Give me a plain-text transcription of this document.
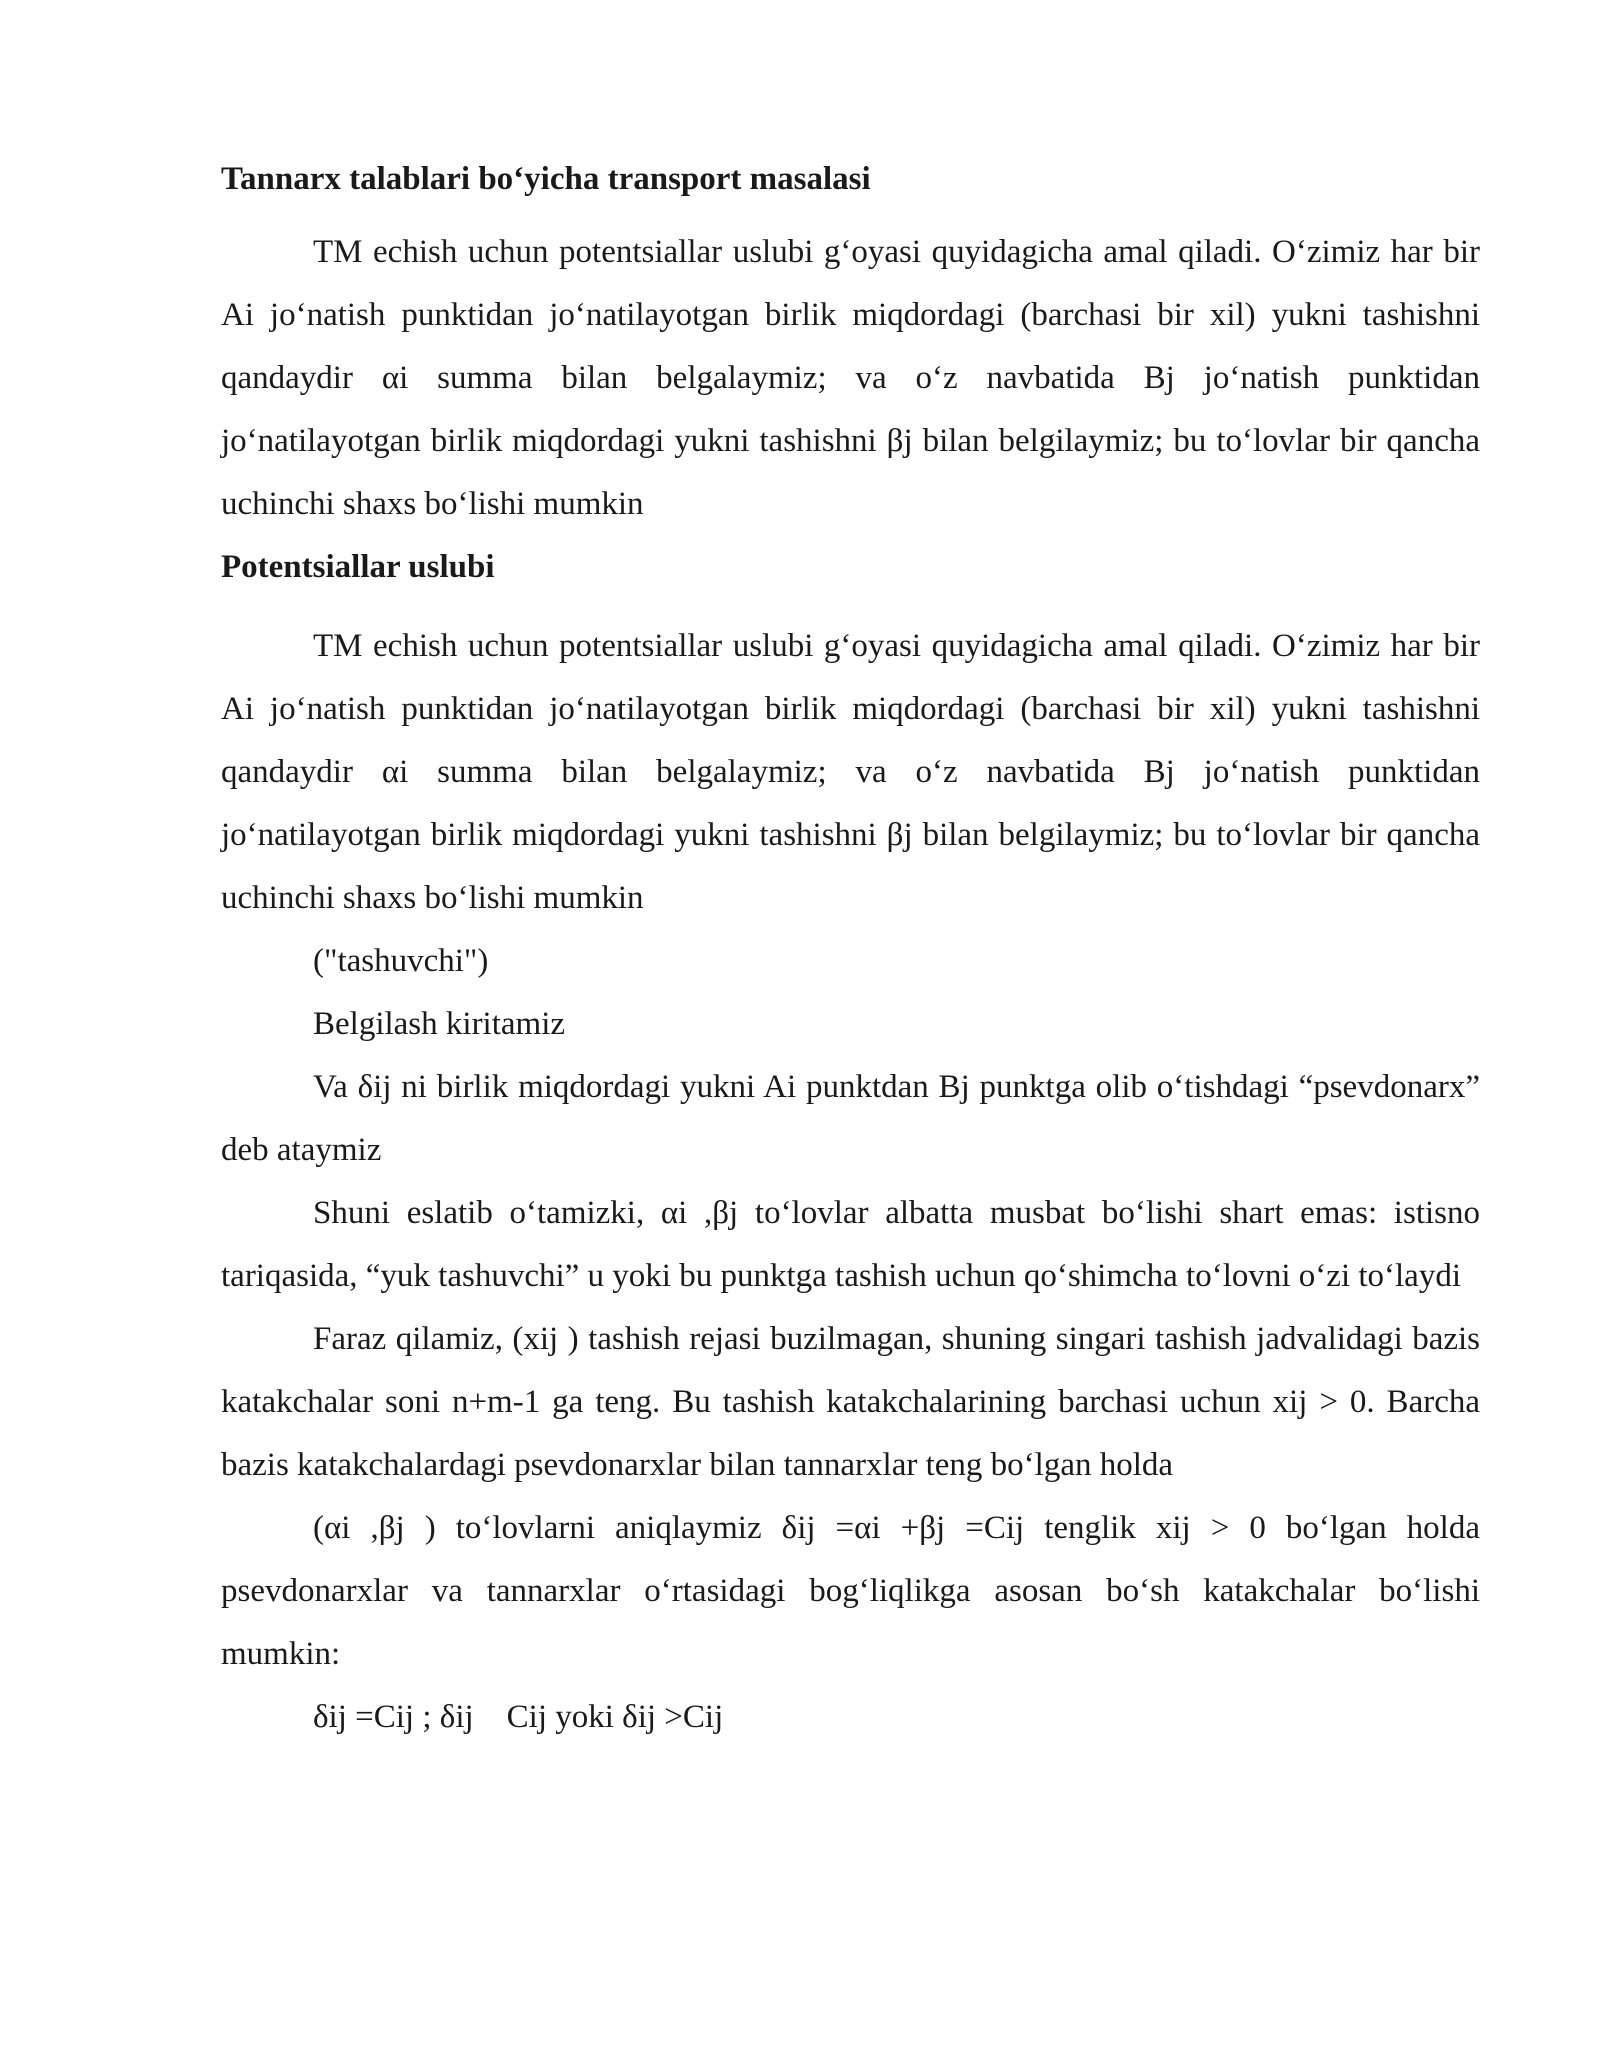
Tannarx talablari bo‘yicha transport masalasi

TM echish uchun potentsiallar uslubi g‘oyasi quyidagicha amal qiladi. O‘zimiz har bir Ai jo‘natish punktidan jo‘natilayotgan birlik miqdordagi (barchasi bir xil) yukni tashishni qandaydir αi summa bilan belgalaymiz; va o‘z navbatida Bj jo‘natish punktidan jo‘natilayotgan birlik miqdordagi yukni tashishni βj bilan belgilaymiz; bu to‘lovlar bir qancha uchinchi shaxs bo‘lishi mumkin

Potentsiallar uslubi

TM echish uchun potentsiallar uslubi g‘oyasi quyidagicha amal qiladi. O‘zimiz har bir Ai jo‘natish punktidan jo‘natilayotgan birlik miqdordagi (barchasi bir xil) yukni tashishni qandaydir αi summa bilan belgalaymiz; va o‘z navbatida Bj jo‘natish punktidan jo‘natilayotgan birlik miqdordagi yukni tashishni βj bilan belgilaymiz; bu to‘lovlar bir qancha uchinchi shaxs bo‘lishi mumkin

("tashuvchi")

Belgilash kiritamiz

Va δij ni birlik miqdordagi yukni Ai punktdan Bj punktga olib o‘tishdagi “psevdonarx” deb ataymiz

Shuni eslatib o‘tamizki, αi ,βj to‘lovlar albatta musbat bo‘lishi shart emas: istisno tariqasida, “yuk tashuvchi” u yoki bu punktga tashish uchun qo‘shimcha to‘lovni o‘zi to‘laydi

Faraz qilamiz, (xij ) tashish rejasi buzilmagan, shuning singari tashish jadvalidagi bazis katakchalar soni n+m-1 ga teng. Bu tashish katakchalarining barchasi uchun xij > 0. Barcha bazis katakchalardagi psevdonarxlar bilan tannarxlar teng bo‘lgan holda

(αi ,βj ) to‘lovlarni aniqlaymiz δij =αi +βj =Cij tenglik xij > 0 bo‘lgan holda psevdonarxlar va tannarxlar o‘rtasidagi bog‘liqlikga asosan bo‘sh katakchalar bo‘lishi mumkin:

δij =Cij ; δij    Cij yoki δij >Cij
